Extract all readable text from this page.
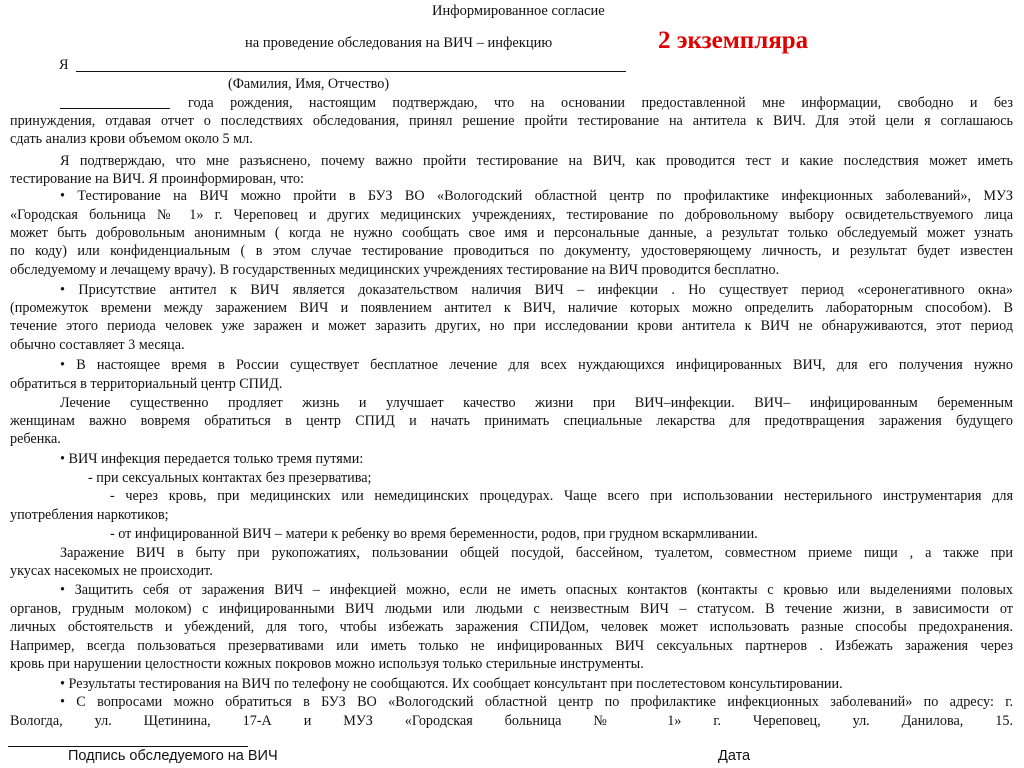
Информированное согласие
на проведение обследования на ВИЧ – инфекцию	2 экземпляра
Я
(Фамилия, Имя, Отчество)
года рождения, настоящим подтверждаю, что на основании предоставленной мне информации, свободно и без
принуждения, отдавая отчет о последствиях обследования, принял решение пройти тестирование на антитела к ВИЧ. Для этой цели я соглашаюсь
сдать анализ крови объемом около 5 мл.
Я подтверждаю, что мне разъяснено, почему важно пройти тестирование на ВИЧ, как проводится тест и какие последствия может иметь
тестирование на ВИЧ. Я проинформирован, что:
• Тестирование на ВИЧ можно пройти в БУЗ ВО «Вологодский областной центр по профилактике инфекционных заболеваний», МУЗ
«Городская больница № 1» г. Череповец и других медицинских учреждениях, тестирование по добровольному выбору освидетельствуемого лица
может быть добровольным анонимным ( когда не нужно сообщать свое имя и персональные данные, а результат только обследуемый может узнать
по коду) или конфиденциальным ( в этом случае тестирование проводиться по документу, удостоверяющему личность, и результат будет известен
обследуемому и лечащему врачу). В государственных медицинских учреждениях тестирование на ВИЧ проводится бесплатно.
• Присутствие антител к ВИЧ является доказательством наличия ВИЧ – инфекции . Но существует период «серонегативного окна»
(промежуток времени между заражением ВИЧ и появлением антител к ВИЧ, наличие которых можно определить лабораторным способом). В
течение этого периода человек уже заражен и может заразить других, но при исследовании крови антитела к ВИЧ не обнаруживаются, этот период
обычно составляет 3 месяца.
• В настоящее время в России существует бесплатное лечение для всех нуждающихся инфицированных ВИЧ, для его получения нужно
обратиться в территориальный центр СПИД.
Лечение существенно продляет жизнь и улучшает качество жизни при ВИЧ–инфекции. ВИЧ– инфицированным беременным
женщинам важно вовремя обратиться в центр СПИД и начать принимать специальные лекарства для предотвращения заражения будущего
ребенка.
• ВИЧ инфекция передается только тремя путями:
- при сексуальных контактах без презерватива;
- через кровь, при медицинских или немедицинских процедурах. Чаще всего при использовании нестерильного инструментария для
употребления наркотиков;
- от инфицированной ВИЧ – матери к ребенку во время беременности, родов, при грудном вскармливании.
Заражение ВИЧ в быту при рукопожатиях, пользовании общей посудой, бассейном, туалетом, совместном приеме пищи , а также при
укусах насекомых не происходит.
• Защитить себя от заражения ВИЧ – инфекцией можно, если не иметь опасных контактов (контакты с кровью или выделениями половых
органов, грудным молоком) с инфицированными ВИЧ людьми или людьми с неизвестным ВИЧ – статусом. В течение жизни, в зависимости от
личных обстоятельств и убеждений, для того, чтобы избежать заражения СПИДом, человек может использовать разные способы предохранения.
Например, всегда пользоваться презервативами или иметь только не инфицированных ВИЧ сексуальных партнеров . Избежать заражения через
кровь при нарушении целостности кожных покровов можно используя только стерильные инструменты.
• Результаты тестирования на ВИЧ по телефону не сообщаются. Их сообщает консультант при послетестовом консультировании.
• С вопросами можно обратиться в БУЗ ВО «Вологодский областной центр по профилактике инфекционных заболеваний» по адресу: г.
Вологда, ул. Щетинина, 17-А и МУЗ «Городская больница № 1» г. Череповец, ул. Данилова, 15.
Подпись обследуемого на ВИЧ	Дата
